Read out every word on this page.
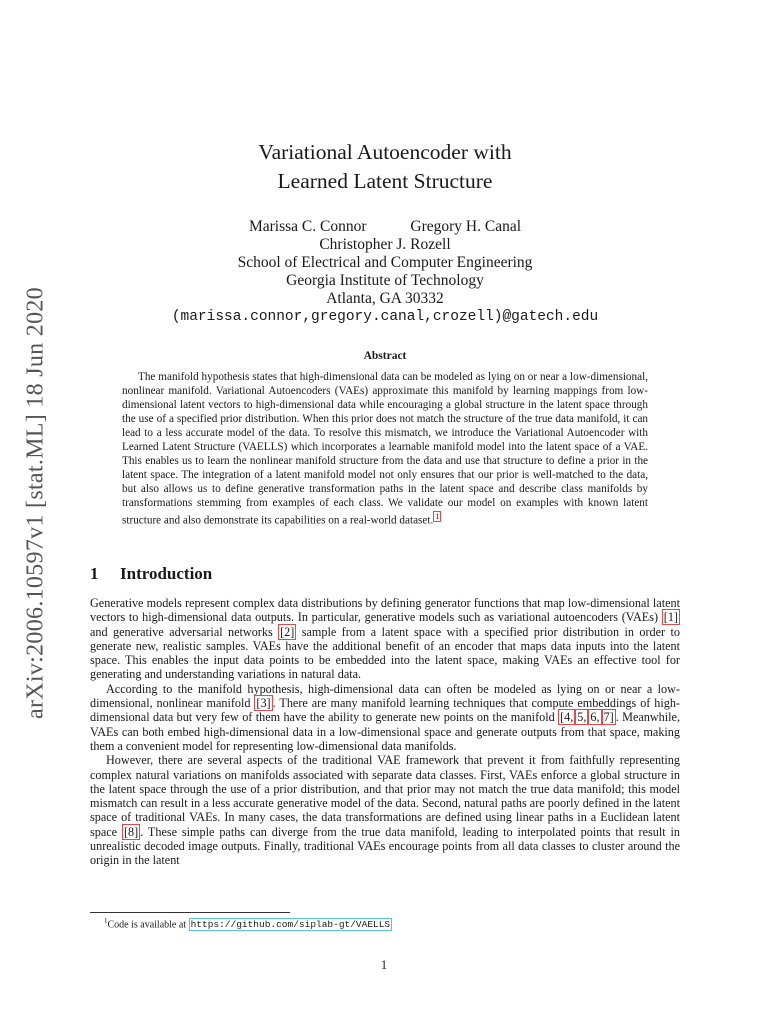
arXiv:2006.10597v1 [stat.ML] 18 Jun 2020
Variational Autoencoder with
Learned Latent Structure
Marissa C. Connor	Gregory H. Canal
Christopher J. Rozell
School of Electrical and Computer Engineering
Georgia Institute of Technology
Atlanta, GA 30332
(marissa.connor,gregory.canal,crozell)@gatech.edu
Abstract

The manifold hypothesis states that high-dimensional data can be modeled as lying on or near a low-dimensional, nonlinear manifold. Variational Autoencoders (VAEs) approximate this manifold by learning mappings from low-dimensional latent vectors to high-dimensional data while encouraging a global structure in the latent space through the use of a specified prior distribution. When this prior does not match the structure of the true data manifold, it can lead to a less accurate model of the data. To resolve this mismatch, we introduce the Variational Autoencoder with Learned Latent Structure (VAELLS) which incorporates a learnable manifold model into the latent space of a VAE. This enables us to learn the nonlinear manifold structure from the data and use that structure to define a prior in the latent space. The integration of a latent manifold model not only ensures that our prior is well-matched to the data, but also allows us to define generative transformation paths in the latent space and describe class manifolds by transformations stemming from examples of each class. We validate our model on examples with known latent structure and also demonstrate its capabilities on a real-world dataset. $^1$

1 Introduction

Generative models represent complex data distributions by defining generator functions that map low-dimensional latent vectors to high-dimensional data outputs. In particular, generative models such as variational autoencoders (VAEs) [1] and generative adversarial networks [2] sample from a latent space with a specified prior distribution in order to generate new, realistic samples. VAEs have the additional benefit of an encoder that maps data inputs into the latent space. This enables the input data points to be embedded into the latent space, making VAEs an effective tool for generating and understanding variations in natural data.

According to the manifold hypothesis, high-dimensional data can often be modeled as lying on or near a low-dimensional, nonlinear manifold [3] . There are many manifold learning techniques that compute embeddings of high-dimensional data but very few of them have the ability to generate new points on the manifold [4, 5, 6, 7] . Meanwhile, VAEs can both embed high-dimensional data in a low-dimensional space and generate outputs from that space, making them a convenient model for representing low-dimensional data manifolds.

However, there are several aspects of the traditional VAE framework that prevent it from faithfully representing complex natural variations on manifolds associated with separate data classes. First, VAEs enforce a global structure in the latent space through the use of a prior distribution, and that prior may not match the true data manifold; this model mismatch can result in a less accurate generative model of the data. Second, natural paths are poorly defined in the latent space of traditional VAEs. In many cases, the data transformations are defined using linear paths in a Euclidean latent space [8] . These simple paths can diverge from the true data manifold, leading to interpolated points that result in unrealistic decoded image outputs. Finally, traditional VAEs encourage points from all data classes to cluster around the origin in the latent

$^1$Code is available at https://github.com/siplab-gt/VAELLS
1
